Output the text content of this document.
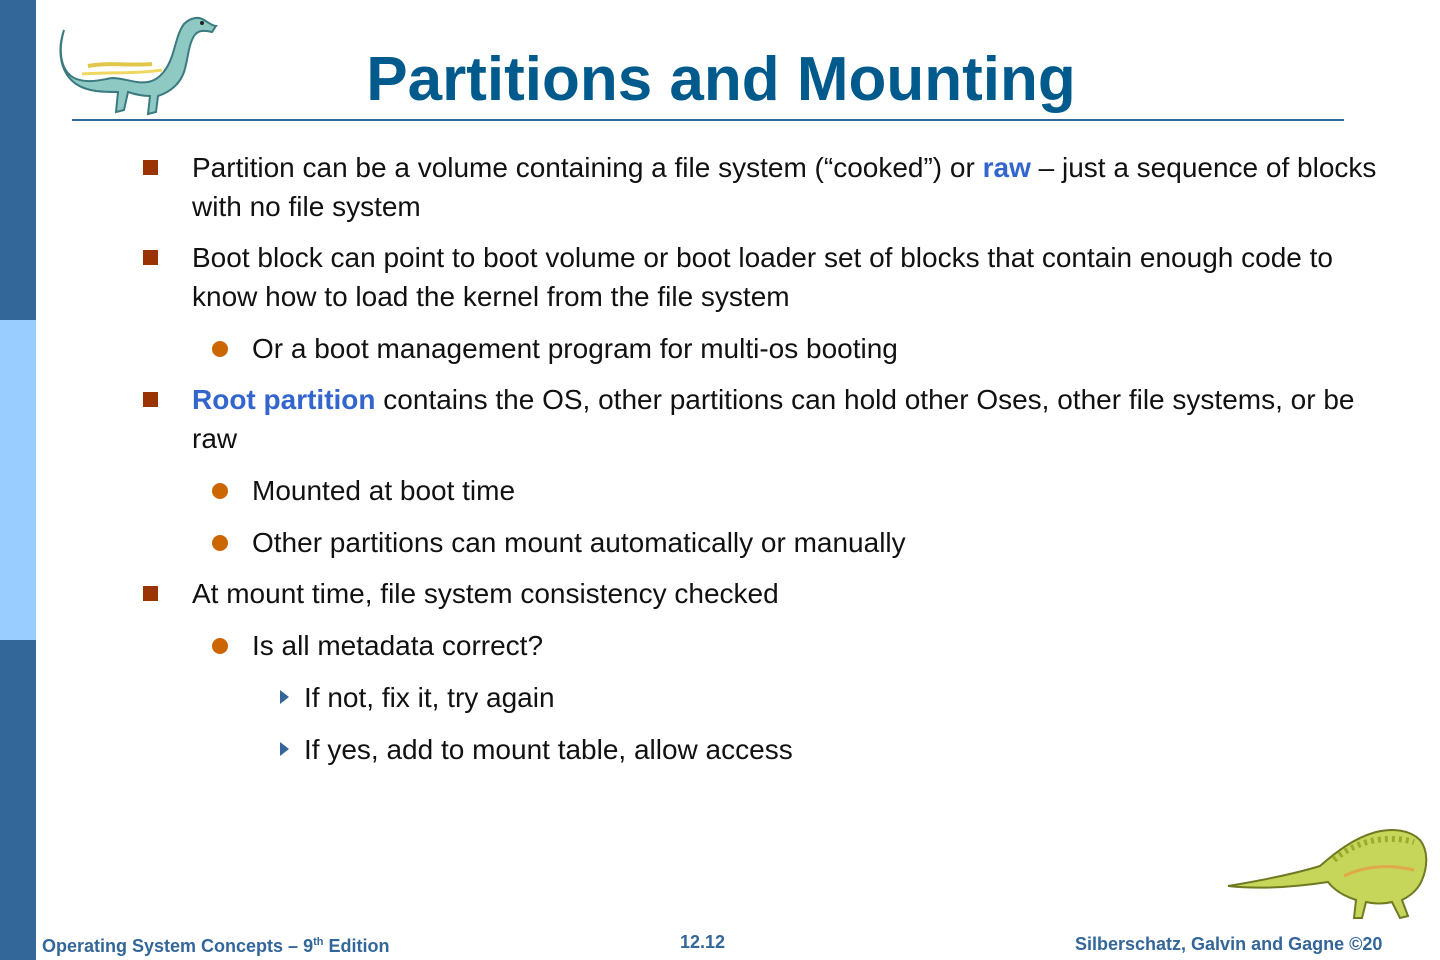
Partitions and Mounting
Partition can be a volume containing a file system (“cooked”) or raw – just a sequence of blocks with no file system
Boot block can point to boot volume or boot loader set of blocks that contain enough code to know how to load the kernel from the file system
Or a boot management program for multi-os booting
Root partition contains the OS, other partitions can hold other Oses, other file systems, or be raw
Mounted at boot time
Other partitions can mount automatically or manually
At mount time, file system consistency checked
Is all metadata correct?
If not, fix it, try again
If yes, add to mount table, allow access
Operating System Concepts – 9th Edition	12.12	Silberschatz, Galvin and Gagne ©20
